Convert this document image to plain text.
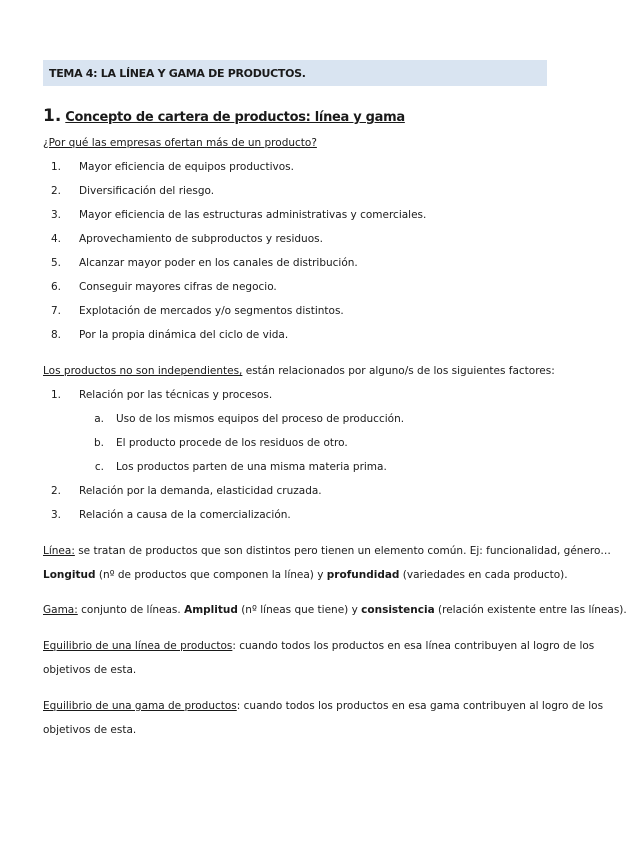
TEMA 4: LA LÍNEA Y GAMA DE PRODUCTOS.
1. Concepto de cartera de productos: línea y gama
¿Por qué las empresas ofertan más de un producto?
1. Mayor eficiencia de equipos productivos.
2. Diversificación del riesgo.
3. Mayor eficiencia de las estructuras administrativas y comerciales.
4. Aprovechamiento de subproductos y residuos.
5. Alcanzar mayor poder en los canales de distribución.
6. Conseguir mayores cifras de negocio.
7. Explotación de mercados y/o segmentos distintos.
8. Por la propia dinámica del ciclo de vida.
Los productos no son independientes, están relacionados por alguno/s de los siguientes factores:
1. Relación por las técnicas y procesos.
a. Uso de los mismos equipos del proceso de producción.
b. El producto procede de los residuos de otro.
c. Los productos parten de una misma materia prima.
2. Relación por la demanda, elasticidad cruzada.
3. Relación a causa de la comercialización.
Línea: se tratan de productos que son distintos pero tienen un elemento común. Ej: funcionalidad, género…
Longitud (nº de productos que componen la línea) y profundidad (variedades en cada producto).
Gama: conjunto de líneas. Amplitud (nº líneas que tiene) y consistencia (relación existente entre las líneas).
Equilibrio de una línea de productos: cuando todos los productos en esa línea contribuyen al logro de los
objetivos de esta.
Equilibrio de una gama de productos: cuando todos los productos en esa gama contribuyen al logro de los
objetivos de esta.
